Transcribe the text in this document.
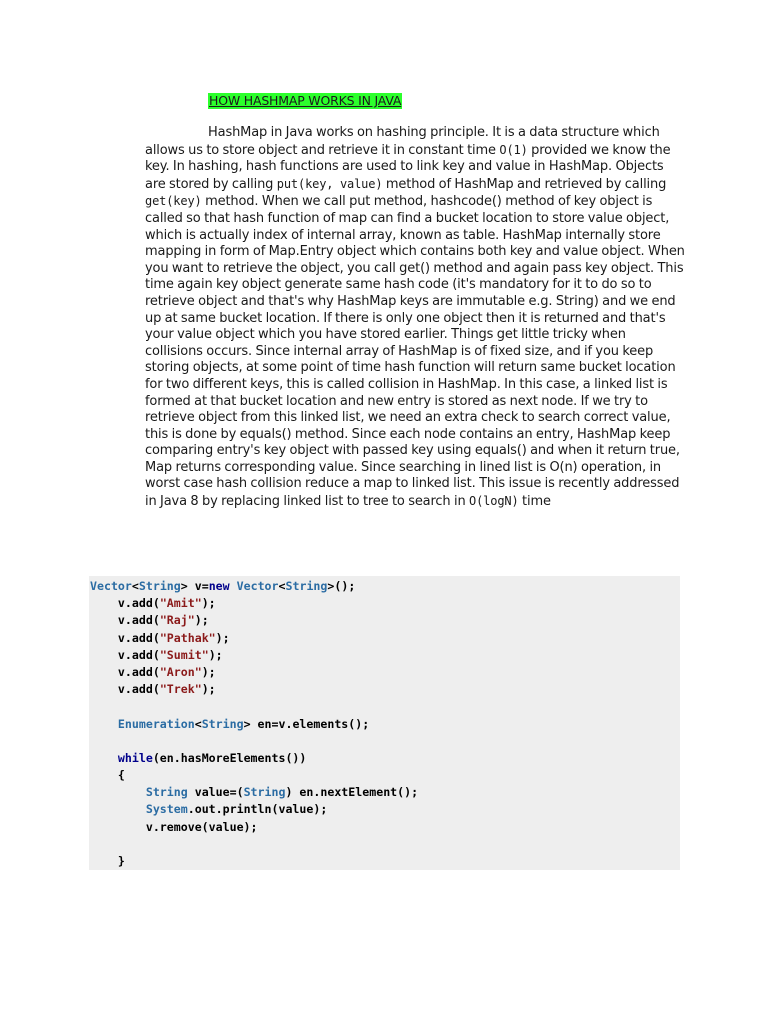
HOW HASHMAP WORKS IN JAVA

HashMap in Java works on hashing principle. It is a data structure which allows us to store object and retrieve it in constant time O(1) provided we know the key. In hashing, hash functions are used to link key and value in HashMap. Objects are stored by calling put(key, value) method of HashMap and retrieved by calling get(key) method. When we call put method, hashcode() method of key object is called so that hash function of map can find a bucket location to store value object, which is actually index of internal array, known as table. HashMap internally store mapping in form of Map.Entry object which contains both key and value object. When you want to retrieve the object, you call get() method and again pass key object. This time again key object generate same hash code (it's mandatory for it to do so to retrieve object and that's why HashMap keys are immutable e.g. String) and we end up at same bucket location. If there is only one object then it is returned and that's your value object which you have stored earlier. Things get little tricky when collisions occurs. Since internal array of HashMap is of fixed size, and if you keep storing objects, at some point of time hash function will return same bucket location for two different keys, this is called collision in HashMap. In this case, a linked list is formed at that bucket location and new entry is stored as next node. If we try to retrieve object from this linked list, we need an extra check to search correct value, this is done by equals() method. Since each node contains an entry, HashMap keep comparing entry's key object with passed key using equals() and when it return true, Map returns corresponding value. Since searching in lined list is O(n) operation, in worst case hash collision reduce a map to linked list. This issue is recently addressed in Java 8 by replacing linked list to tree to search in O(logN) time

Vector<String> v=new Vector<String>();
v.add("Amit");
v.add("Raj");
v.add("Pathak");
v.add("Sumit");
v.add("Aron");
v.add("Trek");
Enumeration<String> en=v.elements();
while(en.hasMoreElements())
{
String value=(String) en.nextElement();
System.out.println(value);
v.remove(value);
}
